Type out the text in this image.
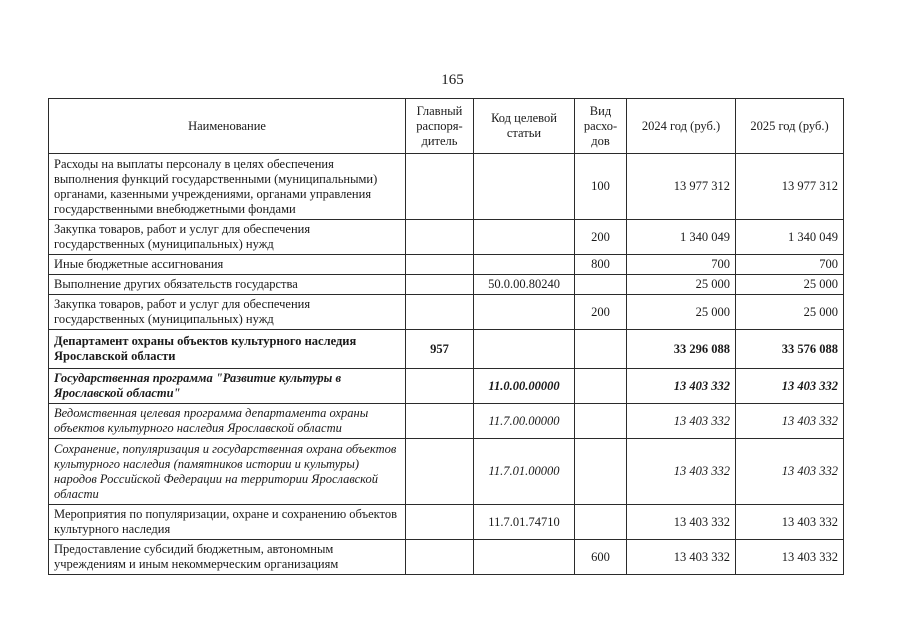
165
Наименование	Главный распоря-дитель	Код целевой статьи	Вид расхо-дов	2024 год (руб.)	2025 год (руб.)
Расходы на выплаты персоналу в целях обеспечения выполнения функций государственными (муниципальными) органами, казенными учреждениями, органами управления государственными внебюджетными фондами			100	13 977 312	13 977 312
Закупка товаров, работ и услуг для обеспечения государственных (муниципальных) нужд			200	1 340 049	1 340 049
Иные бюджетные ассигнования			800	700	700
Выполнение других обязательств государства		50.0.00.80240		25 000	25 000
Закупка товаров, работ и услуг для обеспечения государственных (муниципальных) нужд			200	25 000	25 000
Департамент охраны объектов культурного наследия Ярославской области	957			33 296 088	33 576 088
Государственная программа "Развитие культуры в Ярославской области"		11.0.00.00000		13 403 332	13 403 332
Ведомственная целевая программа департамента охраны объектов культурного наследия Ярославской области		11.7.00.00000		13 403 332	13 403 332
Сохранение, популяризация и государственная охрана объектов культурного наследия (памятников истории и культуры) народов Российской Федерации на территории Ярославской области		11.7.01.00000		13 403 332	13 403 332
Мероприятия по популяризации, охране и сохранению объектов культурного наследия		11.7.01.74710		13 403 332	13 403 332
Предоставление субсидий бюджетным, автономным учреждениям и иным некоммерческим организациям			600	13 403 332	13 403 332
